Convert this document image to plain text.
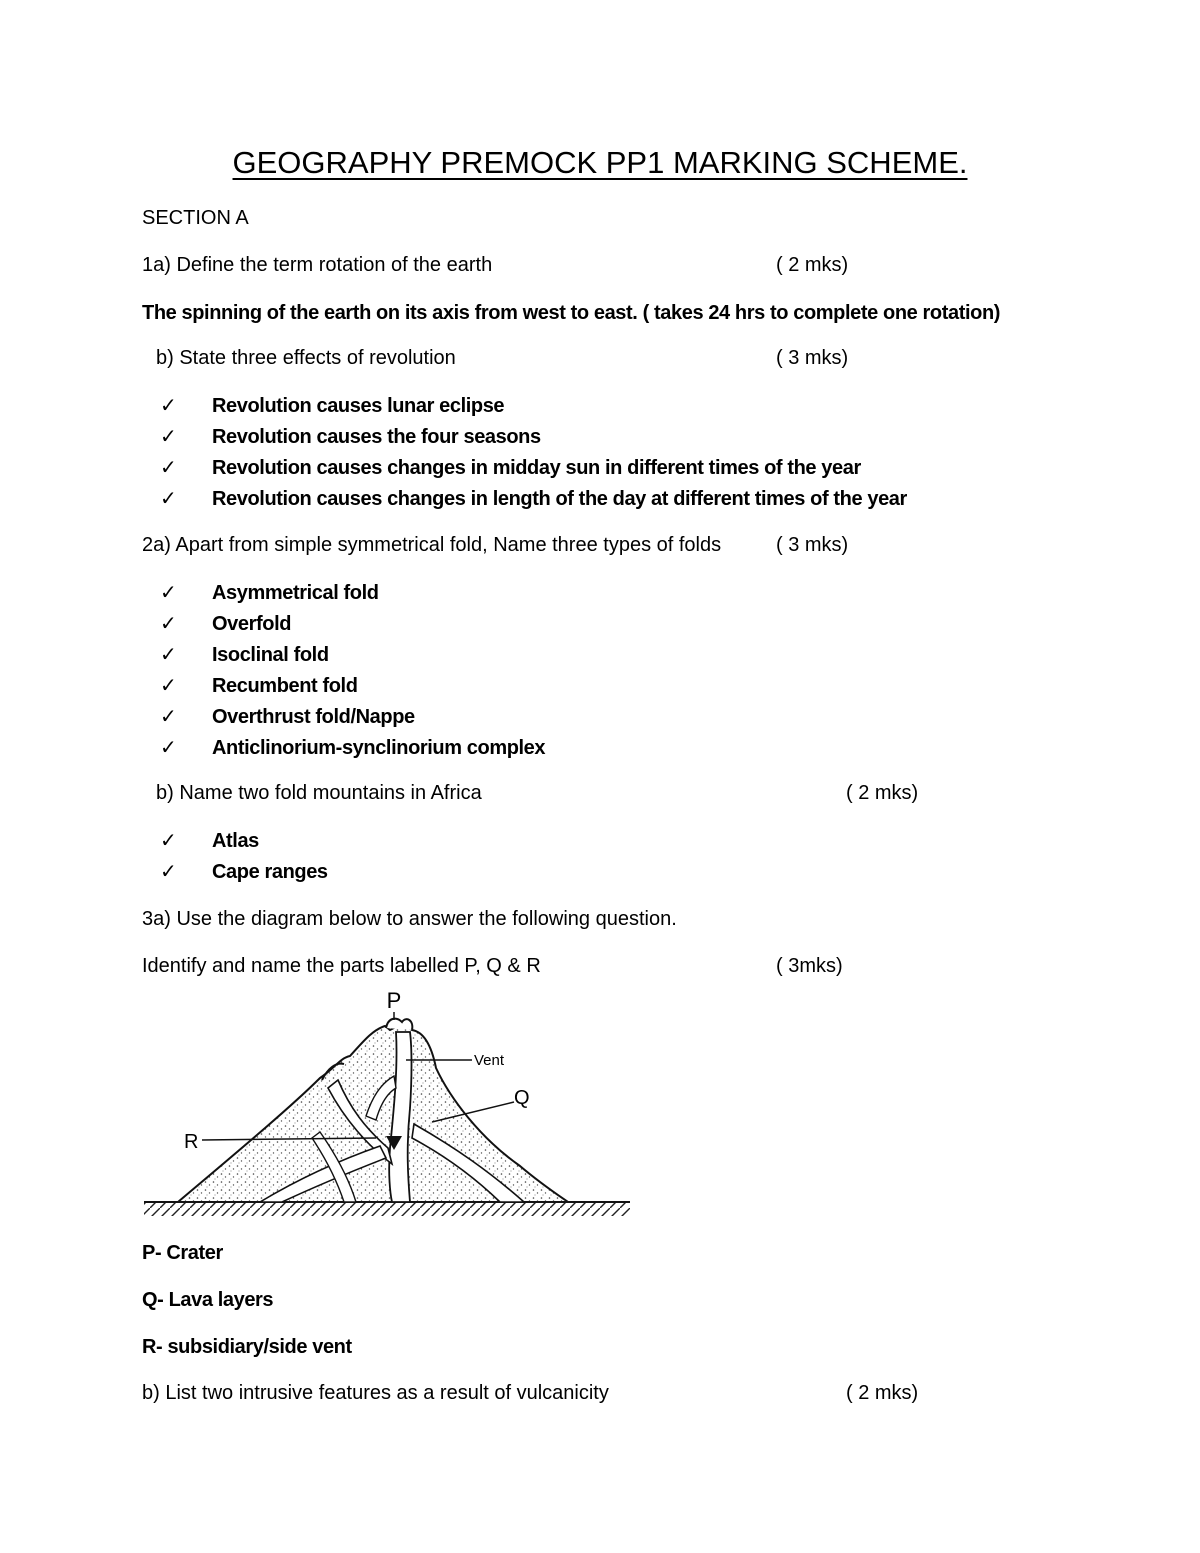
GEOGRAPHY PREMOCK PP1 MARKING SCHEME.
SECTION A
1a) Define the term rotation of the earth	( 2 mks)
The spinning of the earth on its axis from west to east. ( takes 24 hrs to complete one rotation)
b) State three effects of revolution	( 3 mks)
✓ Revolution causes lunar eclipse
✓ Revolution causes the four seasons
✓ Revolution causes changes in midday sun in different times of the year
✓ Revolution causes changes in length of the day at different times of the year
2a) Apart from simple symmetrical fold, Name three types of folds	( 3 mks)
✓ Asymmetrical fold
✓ Overfold
✓ Isoclinal fold
✓ Recumbent fold
✓ Overthrust fold/Nappe
✓ Anticlinorium-synclinorium complex
b) Name two fold mountains in Africa	( 2 mks)
✓ Atlas
✓ Cape ranges
3a) Use the diagram below to answer the following question.
Identify and name the parts labelled P, Q & R	( 3mks)
P
Vent
Q
R
P- Crater
Q- Lava layers
R- subsidiary/side vent
b) List two intrusive features as a result of vulcanicity	( 2 mks)
